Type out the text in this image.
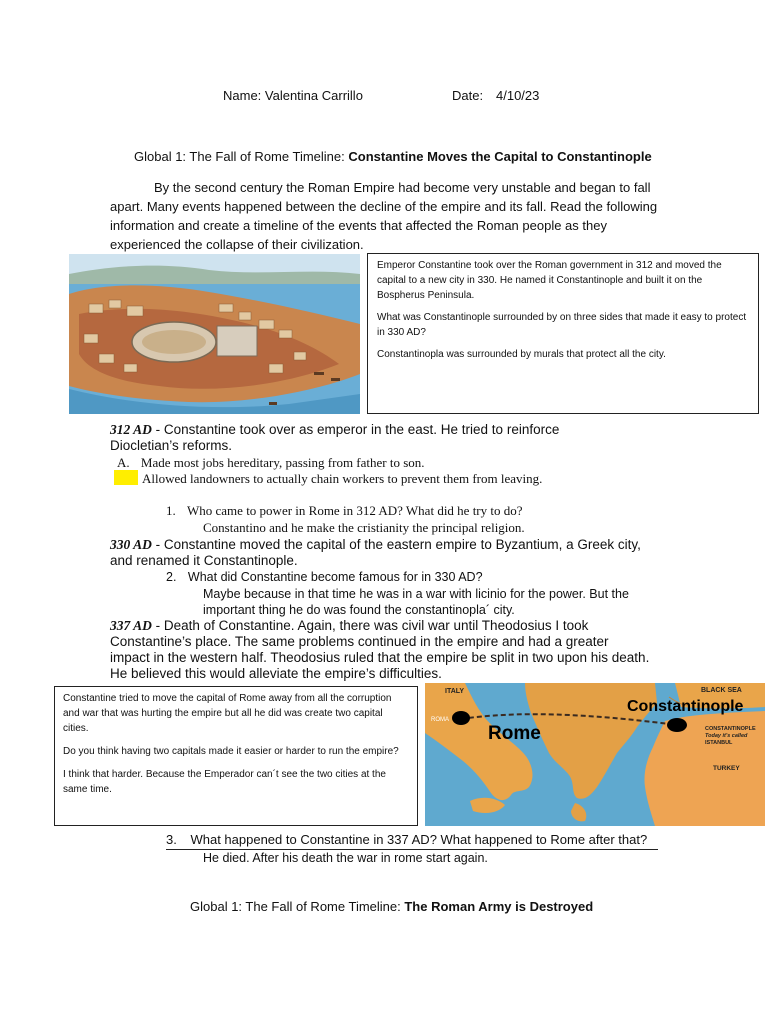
Name: Valentina Carrillo	Date: 4/10/23
Global 1: The Fall of Rome Timeline: Constantine Moves the Capital to Constantinople
By the second century the Roman Empire had become very unstable and began to fall apart. Many events happened between the decline of the empire and its fall. Read the following information and create a timeline of the events that affected the Roman people as they experienced the collapse of their civilization.
Emperor Constantine took over the Roman government in 312 and moved the capital to a new city in 330. He named it Constantinople and built it on the Bospherus Peninsula.
What was Constantinople surrounded by on three sides that made it easy to protect in 330 AD?
Constantinopla was surrounded by murals that protect all the city.
312 AD - Constantine took over as emperor in the east. He tried to reinforce Diocletian’s reforms.
A. Made most jobs hereditary, passing from father to son.
Allowed landowners to actually chain workers to prevent them from leaving.
1. Who came to power in Rome in 312 AD? What did he try to do?
Constantino and he make the cristianity the principal religion.
330 AD - Constantine moved the capital of the eastern empire to Byzantium, a Greek city, and renamed it Constantinople.
2. What did Constantine become famous for in 330 AD?
Maybe because in that time he was in a war with licinio for the power. But the
important thing he do was found the constantinopla´ city.
337 AD - Death of Constantine. Again, there was civil war until Theodosius I took Constantine’s place. The same problems continued in the empire and had a greater impact in the western half. Theodosius ruled that the empire be split in two upon his death. He believed this would alleviate the empire’s difficulties.
Constantine tried to move the capital of Rome away from all the corruption and war that was hurting the empire but all he did was create two capital cities.
Do you think having two capitals made it easier or harder to run the empire?
I think that harder. Because the Emperador can´t see the two cities at the same time.
ITALY	BLACK SEA
ROMA
Rome
Constantinople
CONSTANTINOPLE
Today it's called
ISTANBUL
TURKEY
3. What happened to Constantine in 337 AD? What happened to Rome after that?
He died. After his death the war in rome start again.
Global 1: The Fall of Rome Timeline: The Roman Army is Destroyed
